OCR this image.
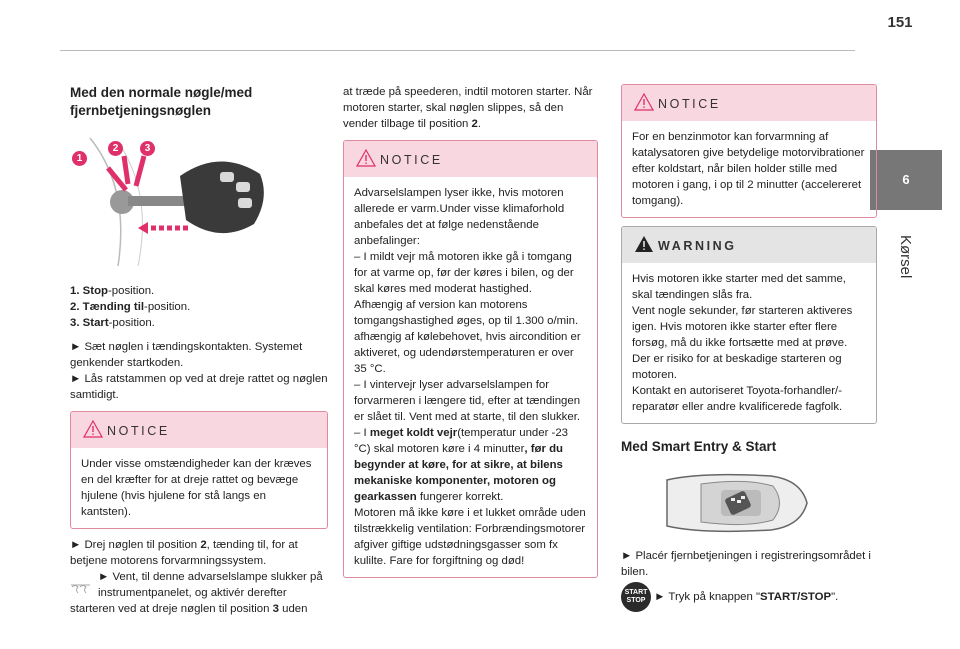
151
6
Kørsel
Med den normale nøgle/med fjernbetjeningsnøglen
1
2	3

1. Stop-position.

2. Tænding til-position.

3. Start-position.

► Sæt nøglen i tændingskontakten. Systemet genkender startkoden.

► Lås ratstammen op ved at dreje rattet og nøglen samtidigt.

NOTICE

Under visse omstændigheder kan der kræves en del kræfter for at dreje rattet og bevæge hjulene (hvis hjulene for stå langs en kantsten).

► Drej nøglen til position 2, tænding til, for at betjene motorens forvarmningssystem.

► Vent, til denne advarselslampe slukker på instrumentpanelet, og aktivér derefter starteren ved at dreje nøglen til position 3 uden

at træde på speederen, indtil motoren starter. Når motoren starter, skal nøglen slippes, så den vender tilbage til position 2.

NOTICE

Advarselslampen lyser ikke, hvis motoren allerede er varm.Under visse klimaforhold anbefales det at følge nedenstående anbefalinger:

– I mildt vejr må motoren ikke gå i tomgang for at varme op, før der køres i bilen, og der skal køres med moderat hastighed.

Afhængig af version kan motorens tomgangshastighed øges, op til 1.300 o/min. afhængig af kølebehovet, hvis aircondition er aktiveret, og udendørstemperaturen er over 35 °C.

– I vintervejr lyser advarselslampen for forvarmeren i længere tid, efter at tændingen er slået til. Vent med at starte, til den slukker.

– I meget koldt vejr(temperatur under -23 °C) skal motoren køre i 4 minutter, før du begynder at køre, for at sikre, at bilens mekaniske komponenter, motoren og gearkassen fungerer korrekt.

Motoren må ikke køre i et lukket område uden tilstrækkelig ventilation: Forbrændingsmotorer afgiver giftige udstødningsgasser som fx kulilte. Fare for forgiftning og død!

NOTICE

For en benzinmotor kan forvarmning af katalysatoren give betydelige motorvibrationer efter koldstart, når bilen holder stille med motoren i gang, i op til 2 minutter (accelereret tomgang).

WARNING

Hvis motoren ikke starter med det samme, skal tændingen slås fra.

Vent nogle sekunder, før starteren aktiveres igen. Hvis motoren ikke starter efter flere forsøg, må du ikke fortsætte med at prøve. Der er risiko for at beskadige starteren og motoren.

Kontakt en autoriseret Toyota-forhandler/-reparatør eller andre kvalificerede fagfolk.

Med Smart Entry & Start

► Placér fjernbetjeningen i registreringsområdet i bilen.

START
STOP ► Tryk på knappen "START/STOP".
